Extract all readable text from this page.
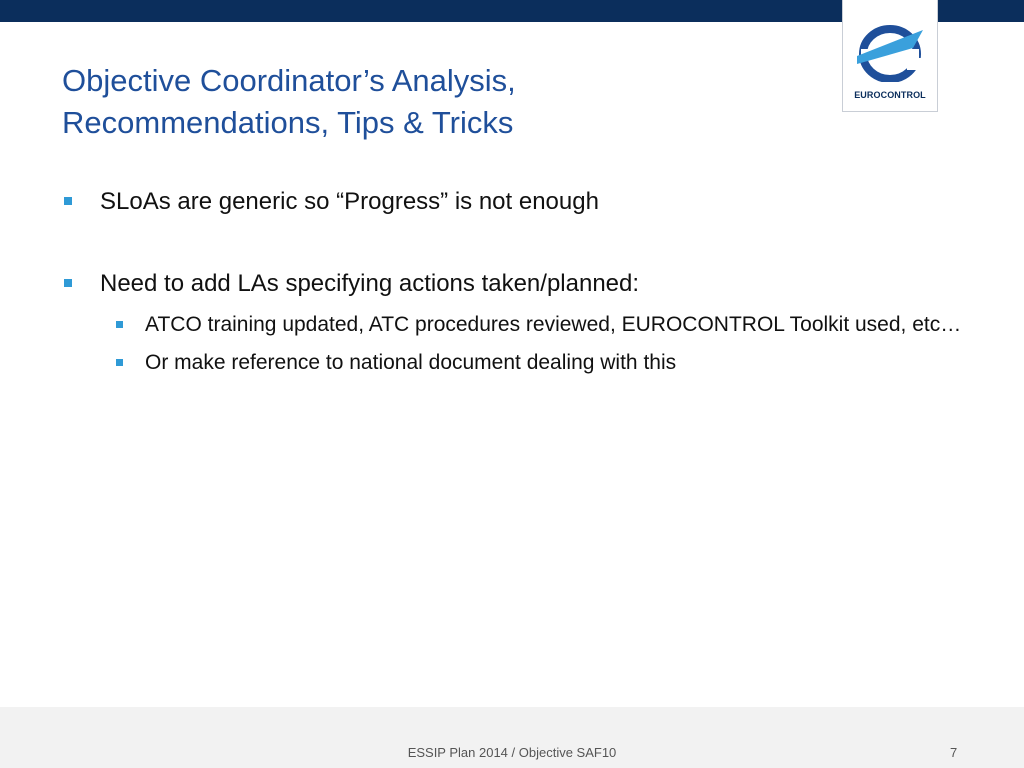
EUROCONTROL
Objective Coordinator’s Analysis,
Recommendations, Tips & Tricks
SLoAs are generic so “Progress” is not enough
Need to add LAs specifying actions taken/planned:
ATCO training updated, ATC procedures reviewed, EUROCONTROL Toolkit used, etc…
Or make reference to national document dealing with this
ESSIP Plan 2014 / Objective SAF10	7
